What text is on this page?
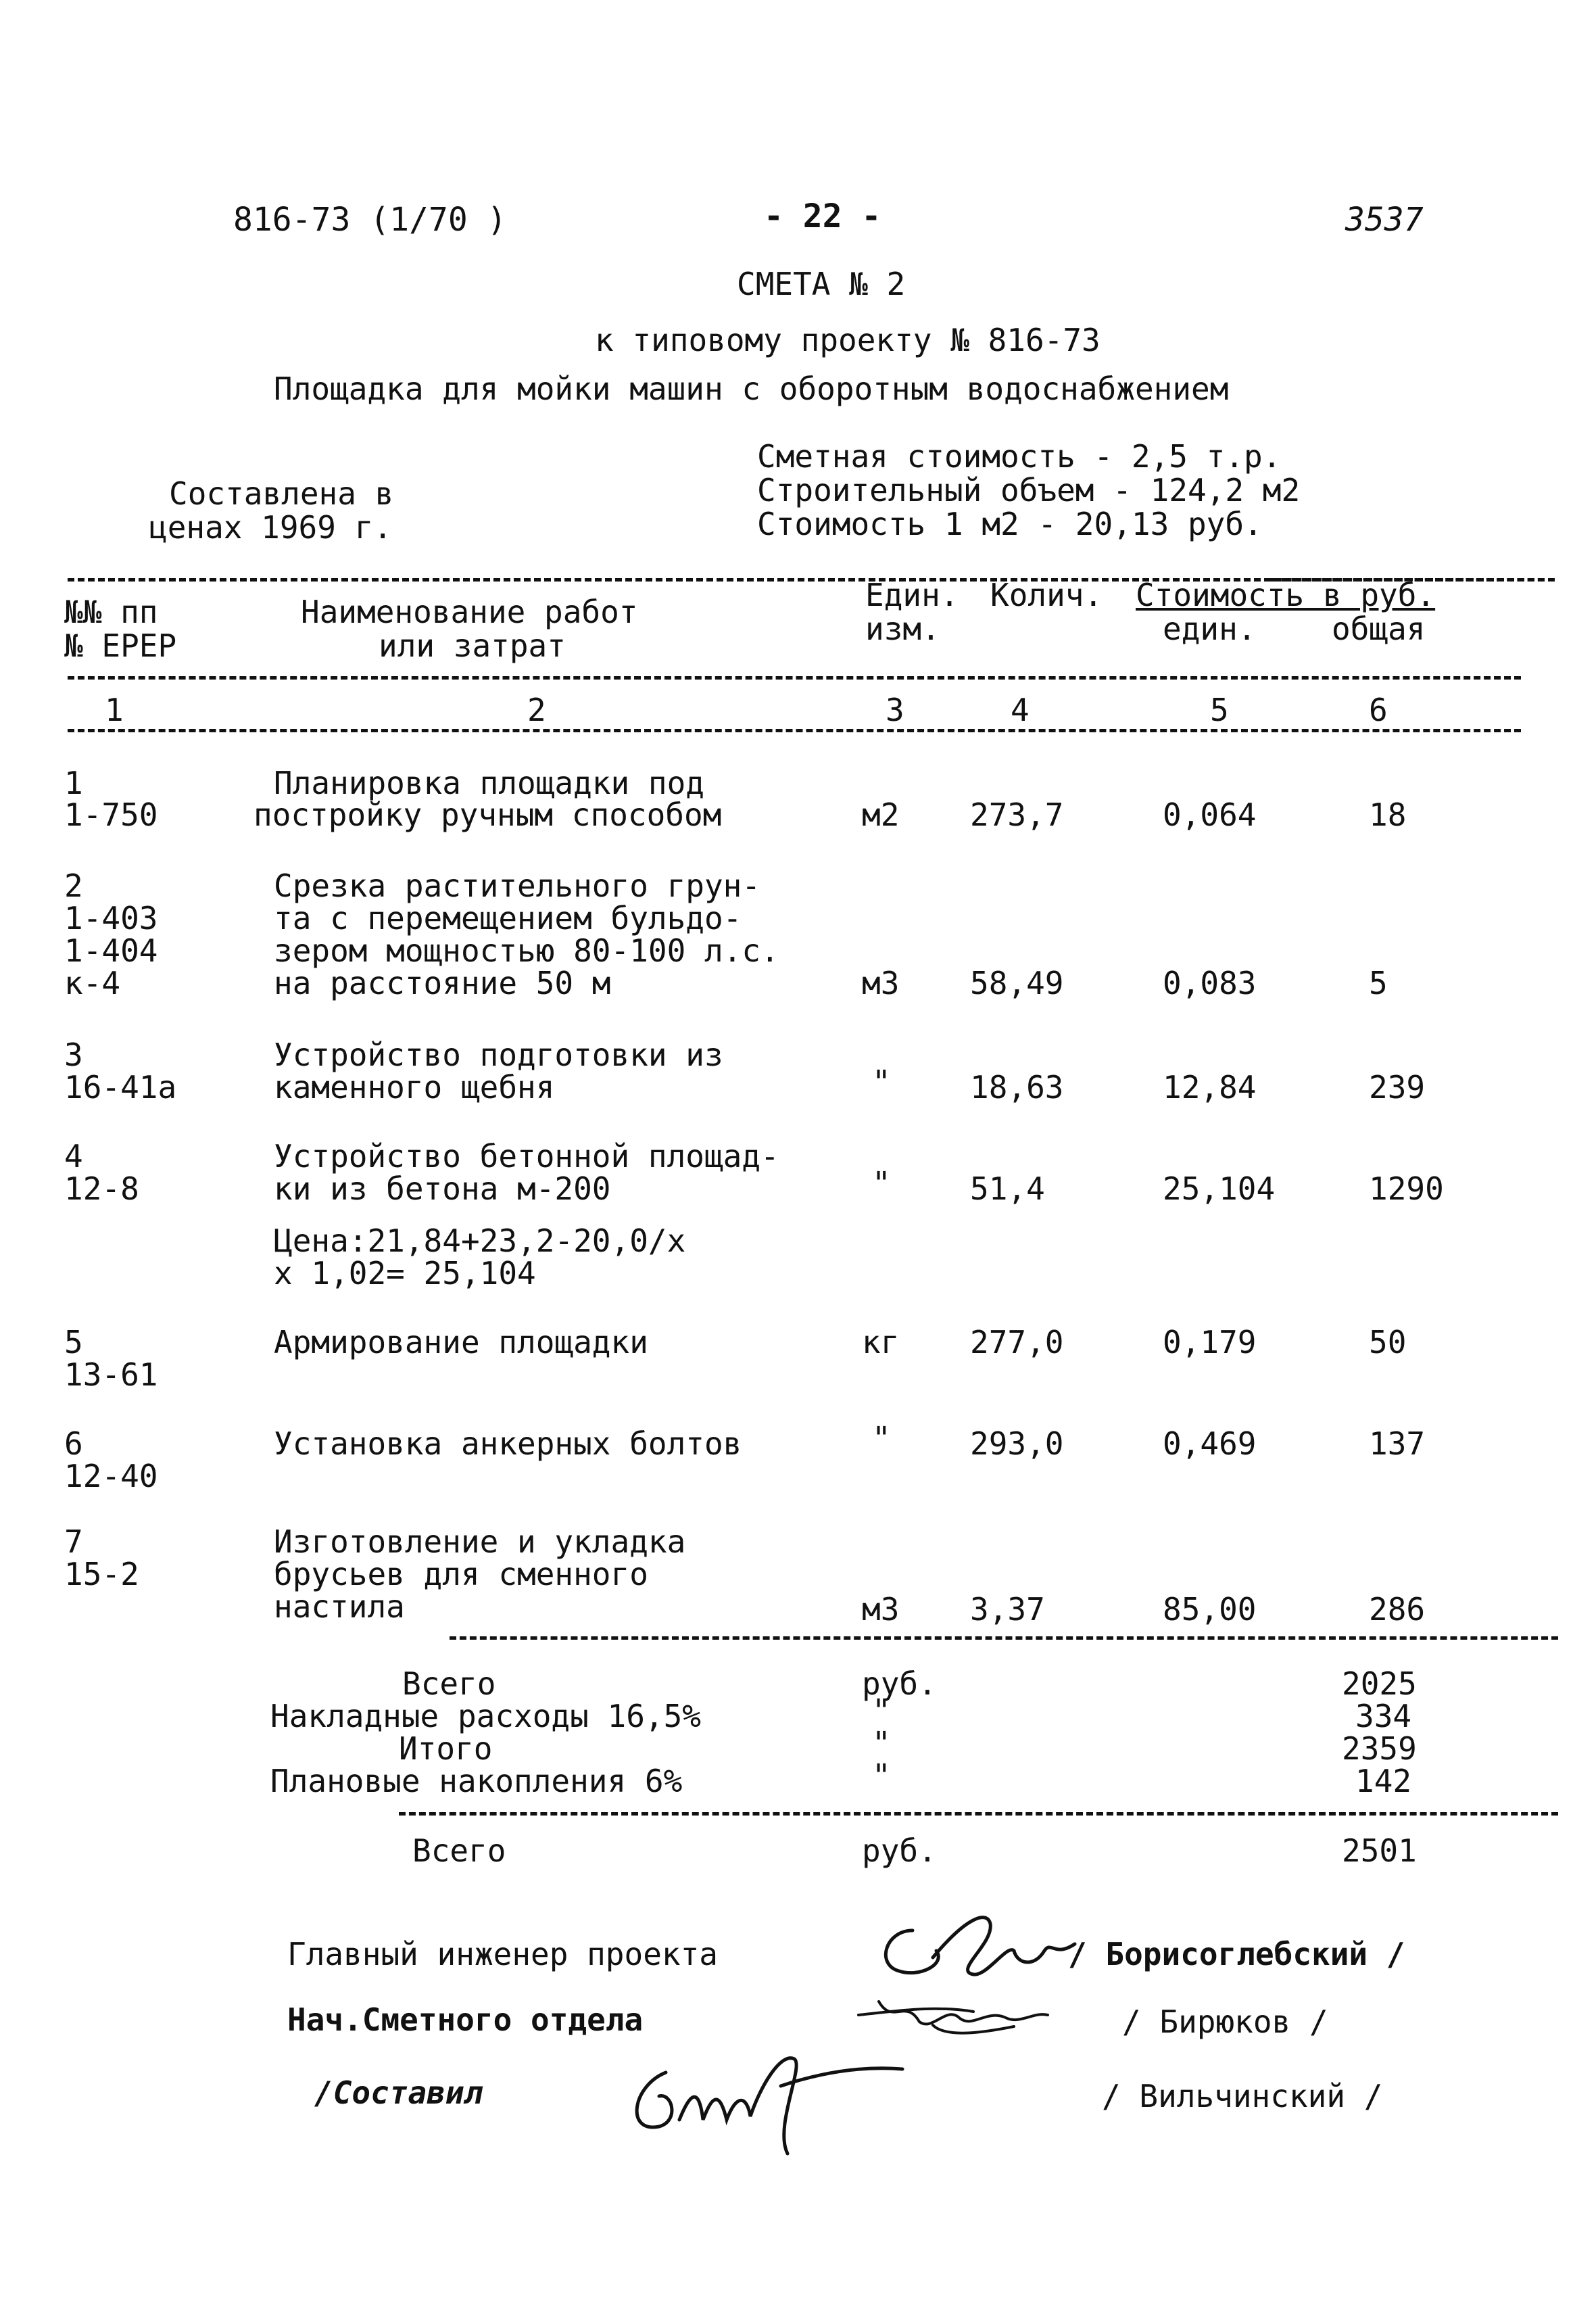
816-73 (1/70 )	- 22 -	3537
СМЕТА № 2
к типовому проекту № 816-73
Площадка для мойки машин с оборотным водоснабжением
Составлена в
ценах 1969 г.
Сметная стоимость - 2,5 т.р.
Строительный объем - 124,2 м2
Стоимость 1 м2 - 20,13 руб.
№№ пп
№ ЕРЕР
Наименование работ
или затрат
Един.
изм.
Колич. Стоимость в руб.
един. общая
1	2	3	4	5	6
1
1-750
Планировка площадки под
постройку ручным способом	м2 273,7	0,064	18
2
1-403
1-404
к-4
Срезка растительного грун-
та с перемещением бульдо-
зером мощностью 80-100 л.с.
на расстояние 50 м	м3 58,49	0,083	5
3
16-41а
Устройство подготовки из
каменного щебня	"	18,63	12,84	239
4
12-8
Устройство бетонной площад-
ки из бетона м-200	"	51,4	25,104	1290
Цена:21,84+23,2-20,0/х
х 1,02= 25,104
5
13-61
Армирование площадки	кг 277,0	0,179	50
6
12-40
Установка анкерных болтов	"	293,0	0,469	137
7
15-2
Изготовление и укладка
брусьев для сменного
настила	м3 3,37	85,00	286
Всего	руб.	2025
Накладные расходы 16,5%	"	334
Итого	"	2359
Плановые накопления 6%	"	142
Всего	руб.	2501
Главный инженер проекта	/ Борисоглебский /
Нач.Сметного отдела	/ Бирюков /
/Составил	/ Вильчинский /
